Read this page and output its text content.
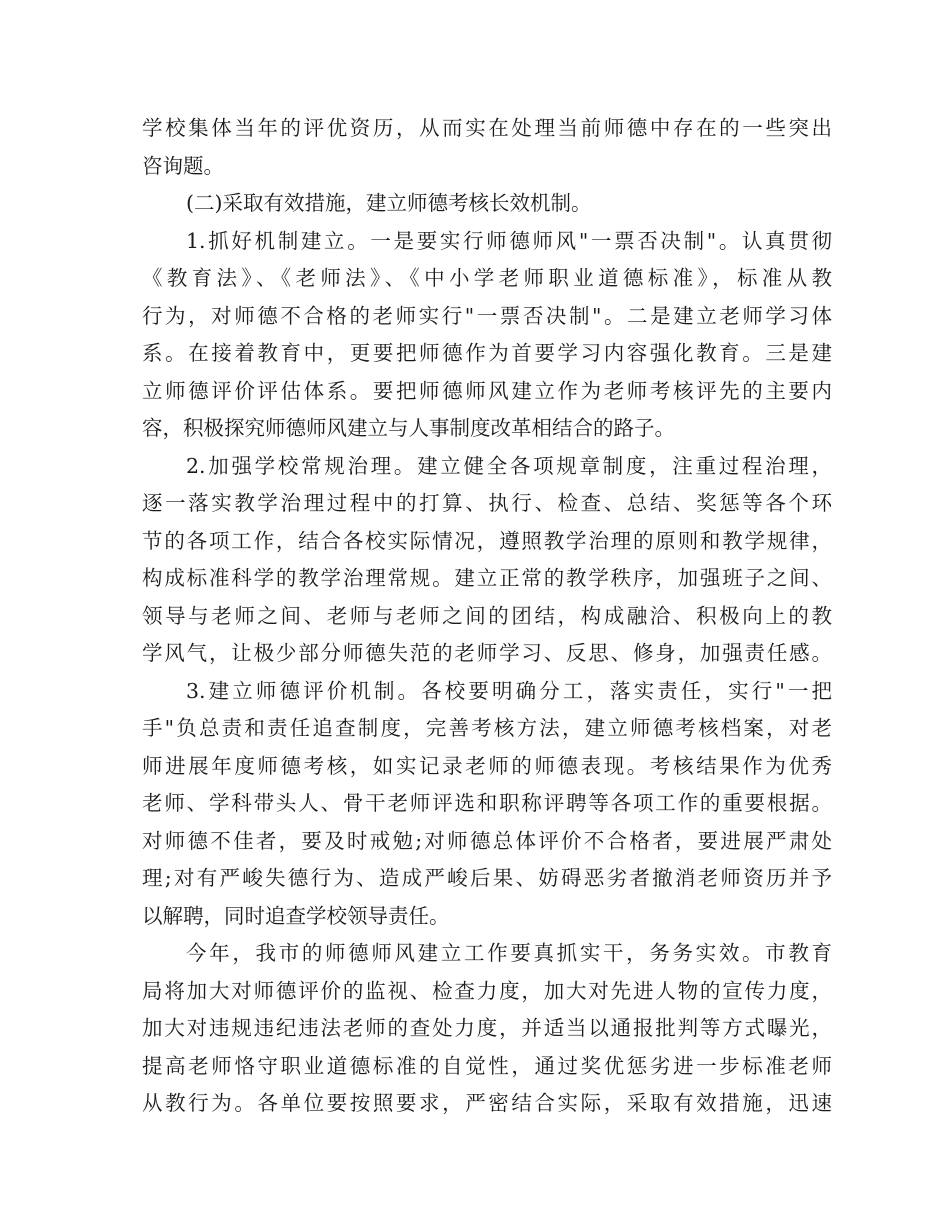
学校集体当年的评优资历，从而实在处理当前师德中存在的一些突出
咨询题。
(二)采取有效措施，建立师德考核长效机制。
1.抓好机制建立。一是要实行师德师风"一票否决制"。认真贯彻
《教育法》、《老师法》、《中小学老师职业道德标准》，标准从教
行为，对师德不合格的老师实行"一票否决制"。二是建立老师学习体
系。在接着教育中，更要把师德作为首要学习内容强化教育。三是建
立师德评价评估体系。要把师德师风建立作为老师考核评先的主要内
容，积极探究师德师风建立与人事制度改革相结合的路子。
2.加强学校常规治理。建立健全各项规章制度，注重过程治理，
逐一落实教学治理过程中的打算、执行、检查、总结、奖惩等各个环
节的各项工作，结合各校实际情况，遵照教学治理的原则和教学规律，
构成标准科学的教学治理常规。建立正常的教学秩序，加强班子之间、
领导与老师之间、老师与老师之间的团结，构成融洽、积极向上的教
学风气，让极少部分师德失范的老师学习、反思、修身，加强责任感。
3.建立师德评价机制。各校要明确分工，落实责任，实行"一把
手"负总责和责任追查制度，完善考核方法，建立师德考核档案，对老
师进展年度师德考核，如实记录老师的师德表现。考核结果作为优秀
老师、学科带头人、骨干老师评选和职称评聘等各项工作的重要根据。
对师德不佳者，要及时戒勉;对师德总体评价不合格者，要进展严肃处
理;对有严峻失德行为、造成严峻后果、妨碍恶劣者撤消老师资历并予
以解聘，同时追查学校领导责任。
今年，我市的师德师风建立工作要真抓实干，务务实效。市教育
局将加大对师德评价的监视、检查力度，加大对先进人物的宣传力度，
加大对违规违纪违法老师的查处力度，并适当以通报批判等方式曝光，
提高老师恪守职业道德标准的自觉性，通过奖优惩劣进一步标准老师
从教行为。各单位要按照要求，严密结合实际，采取有效措施，迅速
